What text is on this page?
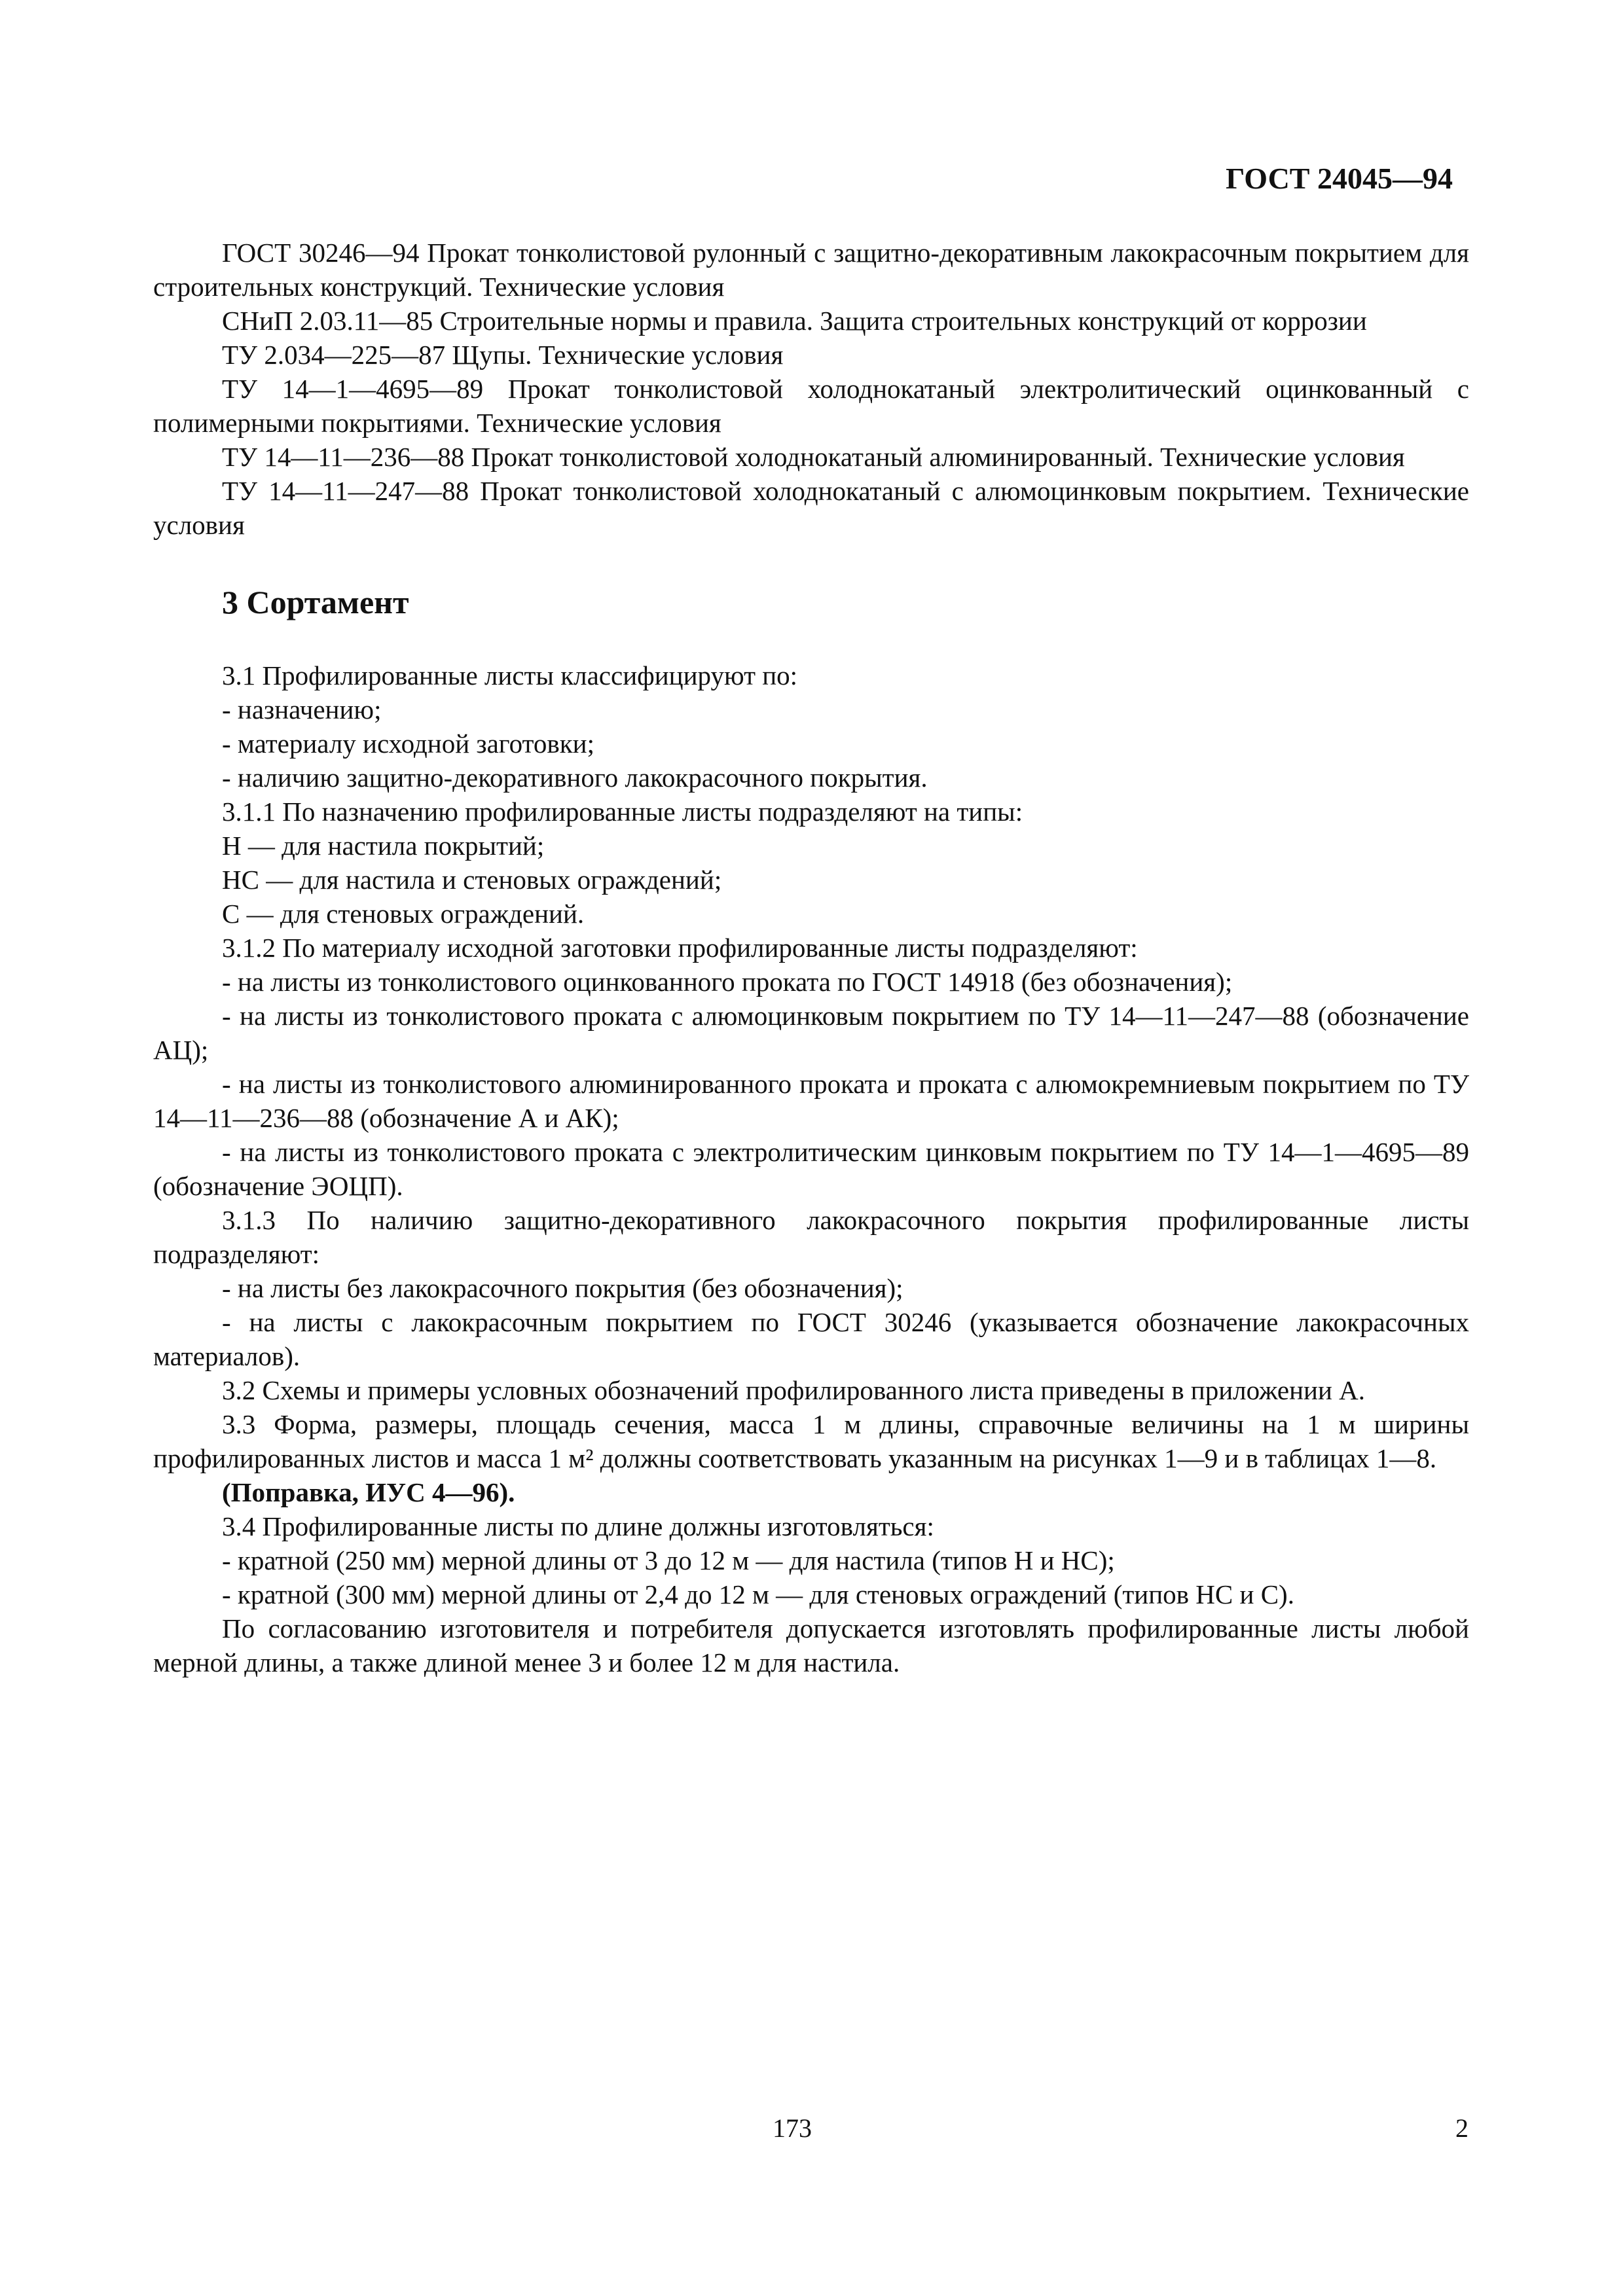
ГОСТ 24045—94

ГОСТ 30246—94 Прокат тонколистовой рулонный с защитно-декоративным лакокрасочным покрытием для строительных конструкций. Технические условия

СНиП 2.03.11—85 Строительные нормы и правила. Защита строительных конструкций от коррозии

ТУ 2.034—225—87 Щупы. Технические условия

ТУ 14—1—4695—89 Прокат тонколистовой холоднокатаный электролитический оцинкованный с полимерными покрытиями. Технические условия

ТУ 14—11—236—88 Прокат тонколистовой холоднокатаный алюминированный. Технические условия

ТУ 14—11—247—88 Прокат тонколистовой холоднокатаный с алюмоцинковым покрытием. Технические условия

3 Сортамент

3.1 Профилированные листы классифицируют по:

- назначению;

- материалу исходной заготовки;

- наличию защитно-декоративного лакокрасочного покрытия.

3.1.1 По назначению профилированные листы подразделяют на типы:

Н — для настила покрытий;

НС — для настила и стеновых ограждений;

С — для стеновых ограждений.

3.1.2 По материалу исходной заготовки профилированные листы подразделяют:

- на листы из тонколистового оцинкованного проката по ГОСТ 14918 (без обозначения);

- на листы из тонколистового проката с алюмоцинковым покрытием по ТУ 14—11—247—88 (обозначение АЦ);

- на листы из тонколистового алюминированного проката и проката с алюмокремниевым покрытием по ТУ 14—11—236—88 (обозначение А и АК);

- на листы из тонколистового проката с электролитическим цинковым покрытием по ТУ 14—1—4695—89 (обозначение ЭОЦП).

3.1.3 По наличию защитно-декоративного лакокрасочного покрытия профилированные листы подразделяют:

- на листы без лакокрасочного покрытия (без обозначения);

- на листы с лакокрасочным покрытием по ГОСТ 30246 (указывается обозначение лакокрасочных материалов).

3.2 Схемы и примеры условных обозначений профилированного листа приведены в приложении А.

3.3 Форма, размеры, площадь сечения, масса 1 м длины, справочные величины на 1 м ширины профилированных листов и масса 1 м² должны соответствовать указанным на рисунках 1—9 и в таблицах 1—8.

(Поправка, ИУС 4—96).

3.4 Профилированные листы по длине должны изготовляться:

- кратной (250 мм) мерной длины от 3 до 12 м — для настила (типов Н и НС);

- кратной (300 мм) мерной длины от 2,4 до 12 м — для стеновых ограждений (типов НС и С).

По согласованию изготовителя и потребителя допускается изготовлять профилированные листы любой мерной длины, а также длиной менее 3 и более 12 м для настила.

173	2
